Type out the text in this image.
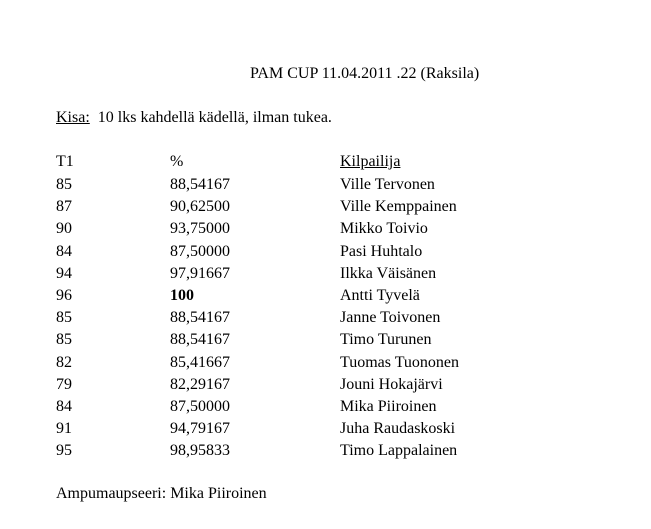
PAM CUP 11.04.2011 .22 (Raksila)
Kisa: 10 lks kahdellä kädellä, ilman tukea.
T1	%	Kilpailija
85	88,54167	Ville Tervonen
87	90,62500	Ville Kemppainen
90	93,75000	Mikko Toivio
84	87,50000	Pasi Huhtalo
94	97,91667	Ilkka Väisänen
96	100	Antti Tyvelä
85	88,54167	Janne Toivonen
85	88,54167	Timo Turunen
82	85,41667	Tuomas Tuononen
79	82,29167	Jouni Hokajärvi
84	87,50000	Mika Piiroinen
91	94,79167	Juha Raudaskoski
95	98,95833	Timo Lappalainen
Ampumaupseeri: Mika Piiroinen
